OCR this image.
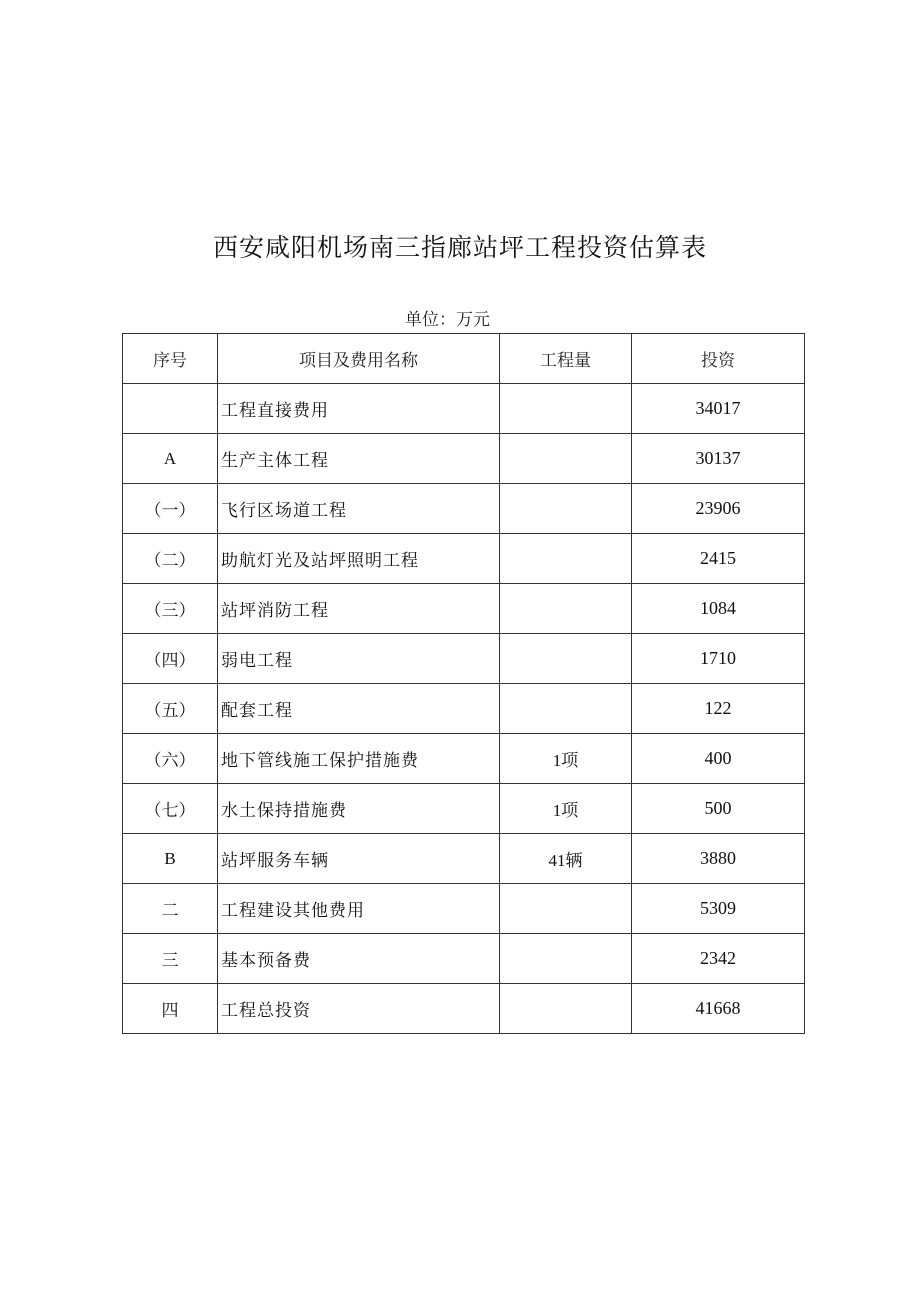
西安咸阳机场南三指廊站坪工程投资估算表
单位：万元
序号	项目及费用名称	工程量	投资
	工程直接费用		34017
A	生产主体工程		30137
（一）	飞行区场道工程		23906
（二）	助航灯光及站坪照明工程		2415
（三）	站坪消防工程		1084
（四）	弱电工程		1710
（五）	配套工程		122
（六）	地下管线施工保护措施费	1项	400
（七）	水土保持措施费	1项	500
B	站坪服务车辆	41辆	3880
二	工程建设其他费用		5309
三	基本预备费		2342
四	工程总投资		41668
